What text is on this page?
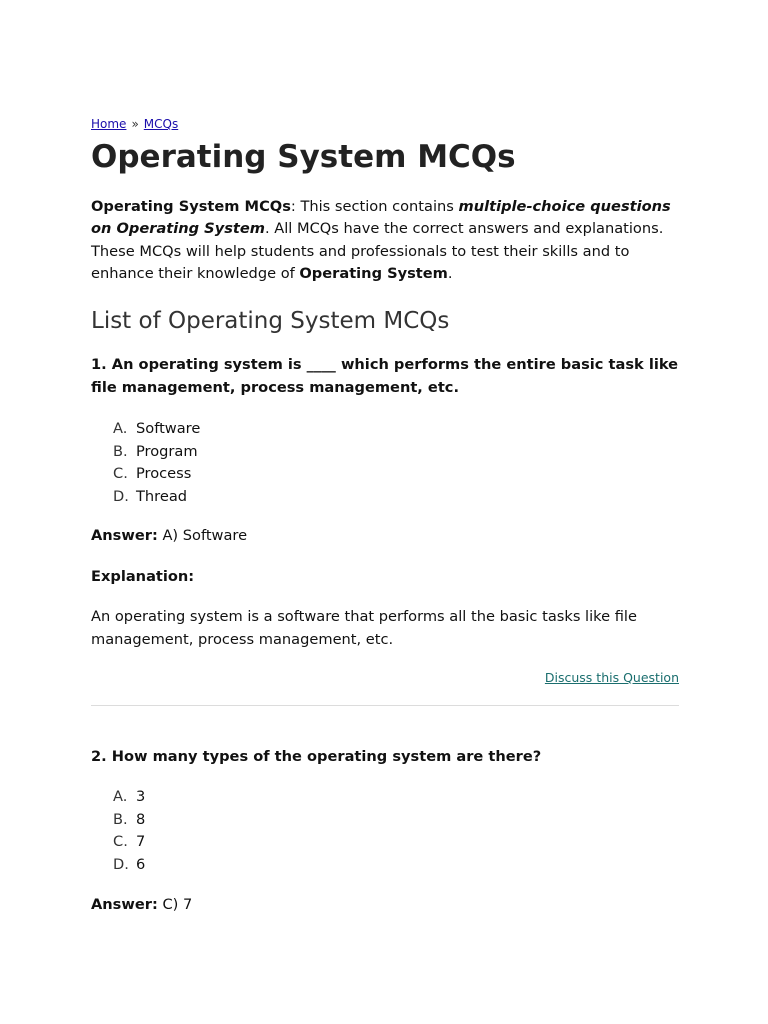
Home » MCQs
Operating System MCQs

Operating System MCQs: This section contains multiple-choice questions on Operating System. All MCQs have the correct answers and explanations. These MCQs will help students and professionals to test their skills and to enhance their knowledge of Operating System.

List of Operating System MCQs

1. An operating system is ____ which performs the entire basic task like file management, process management, etc.

A. Software
B. Program
C. Process
D. Thread

Answer: A) Software

Explanation:

An operating system is a software that performs all the basic tasks like file management, process management, etc.

Discuss this Question

2. How many types of the operating system are there?

A. 3
B. 8
C. 7
D. 6

Answer: C) 7
